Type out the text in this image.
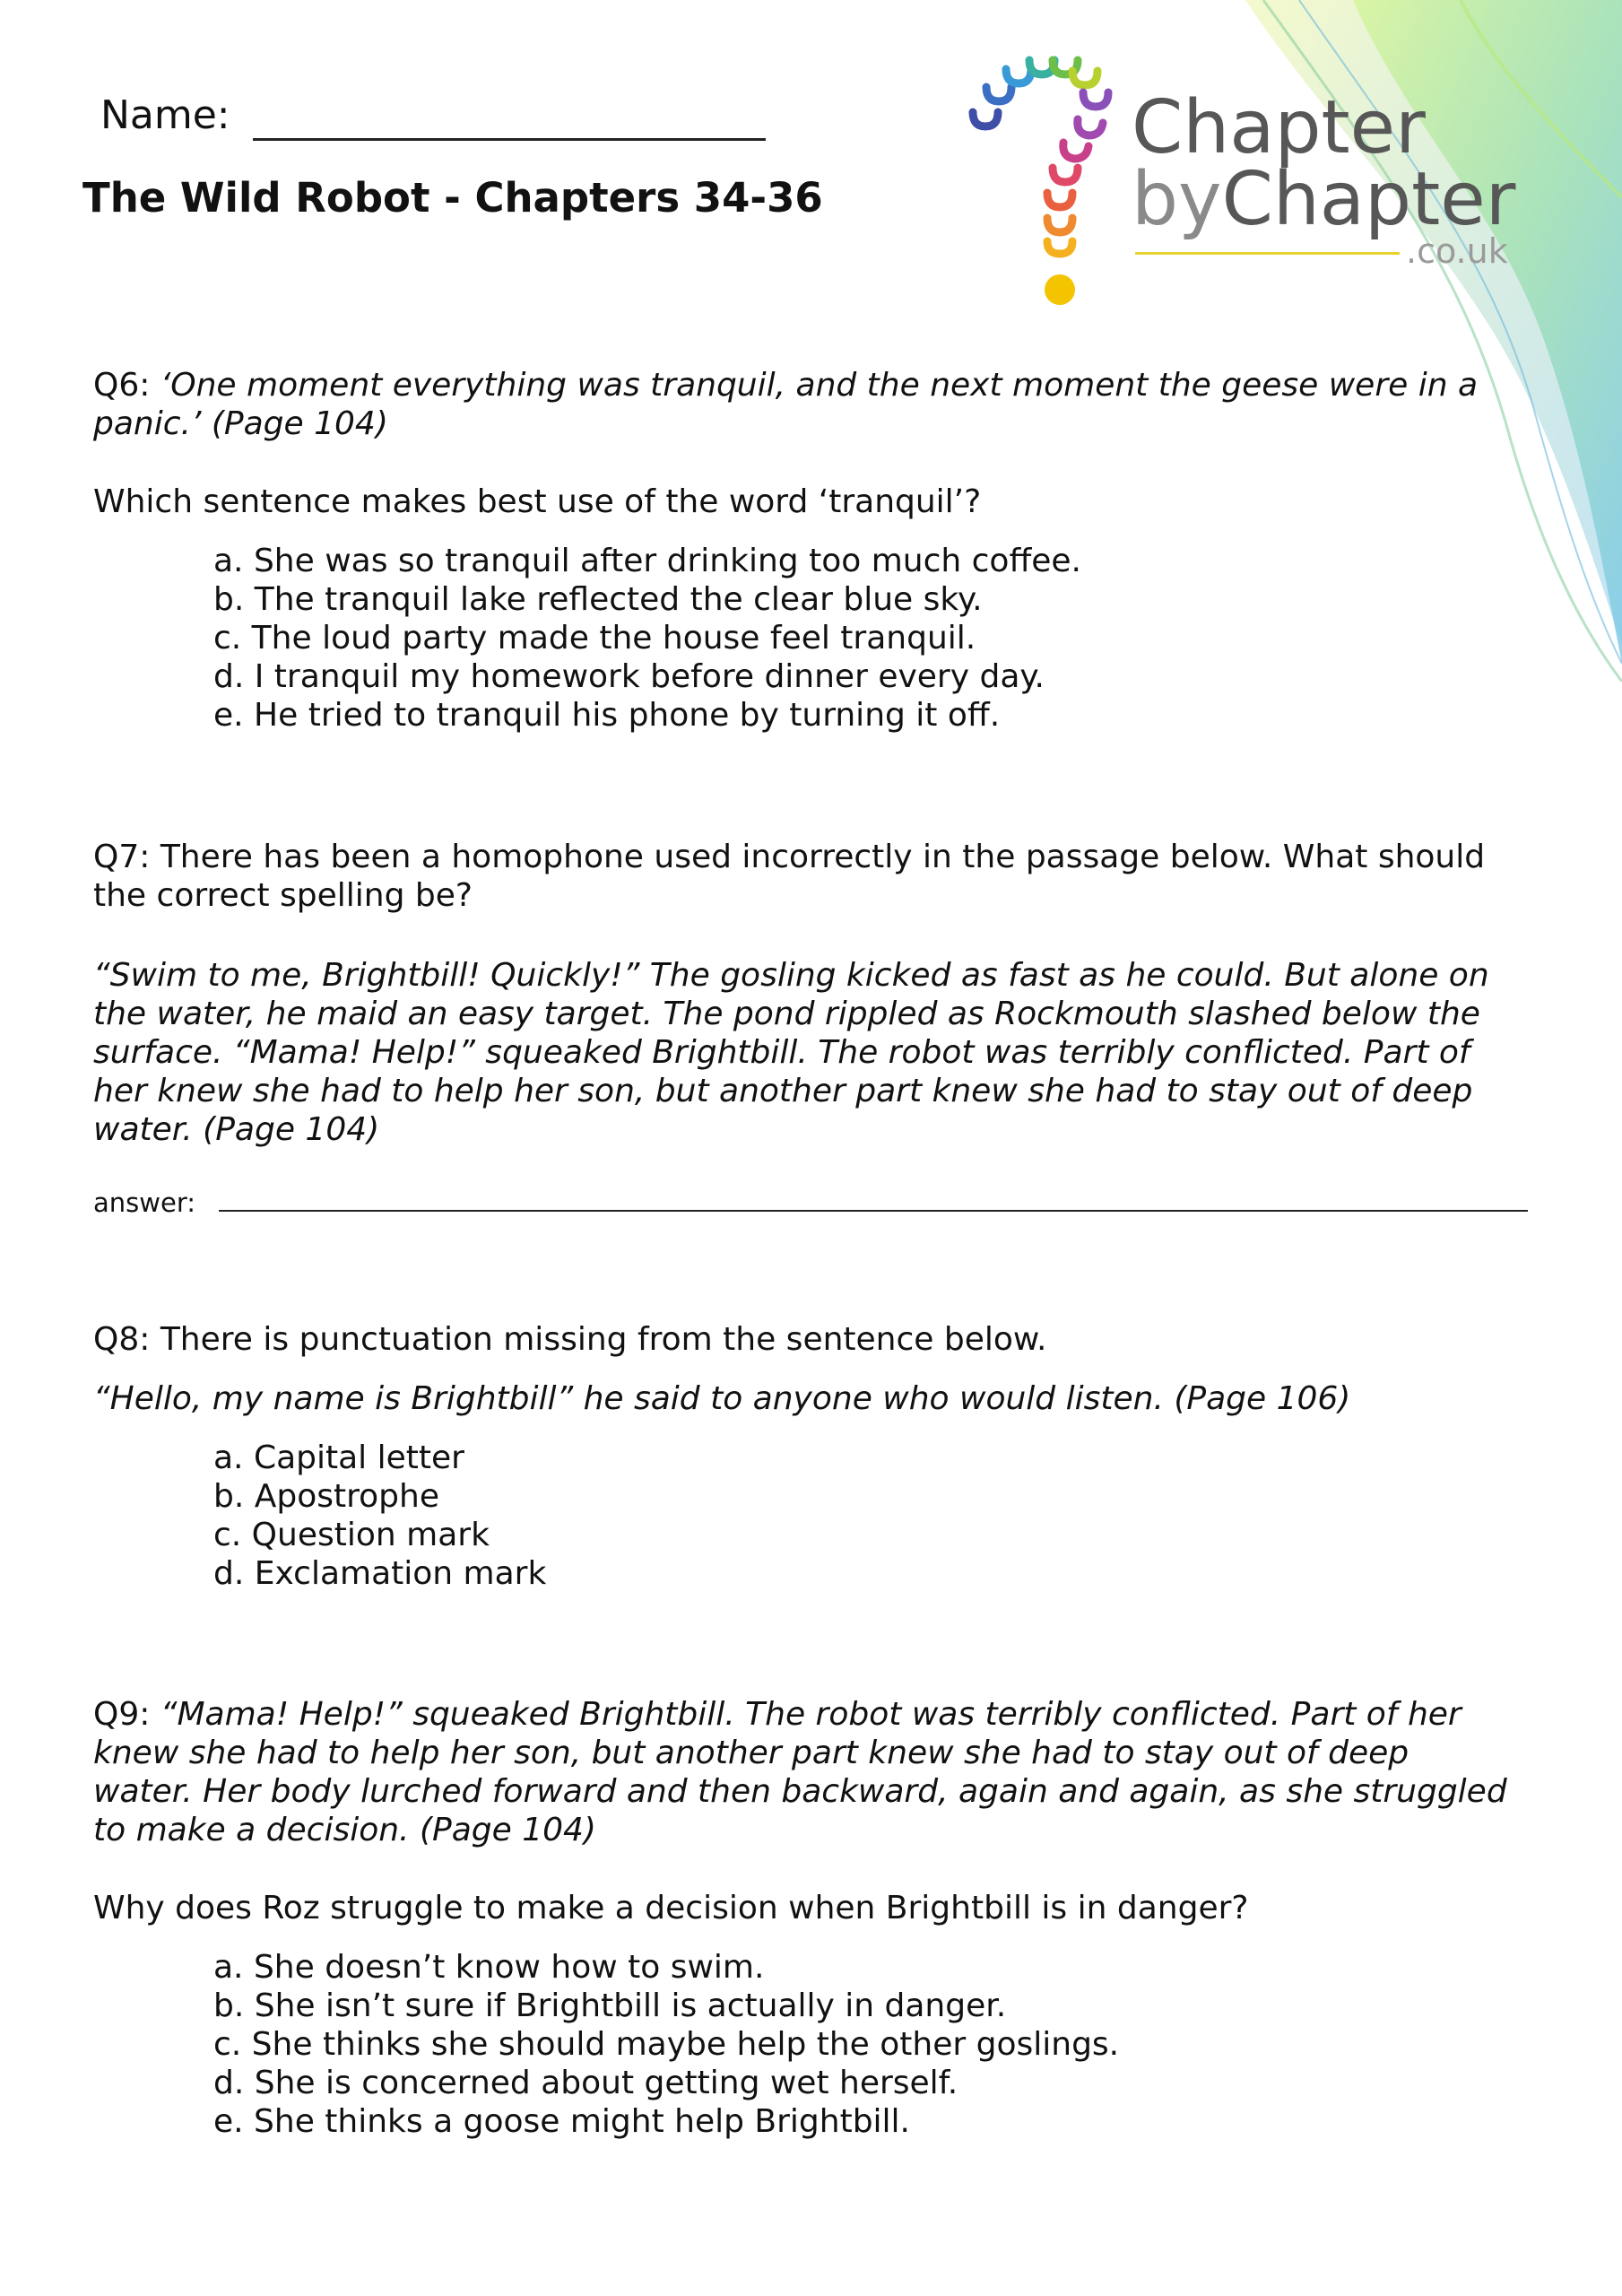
Name:
The Wild Robot - Chapters 34-36
Chapter
byChapter
.co.uk
Q6: ‘One moment everything was tranquil, and the next moment the geese were in a
panic.’ (Page 104)
Which sentence makes best use of the word ‘tranquil’?
a. She was so tranquil after drinking too much coffee.
b. The tranquil lake reflected the clear blue sky.
c. The loud party made the house feel tranquil.
d. I tranquil my homework before dinner every day.
e. He tried to tranquil his phone by turning it off.
Q7: There has been a homophone used incorrectly in the passage below. What should
the correct spelling be?
“Swim to me, Brightbill! Quickly!” The gosling kicked as fast as he could. But alone on
the water, he maid an easy target. The pond rippled as Rockmouth slashed below the
surface. “Mama! Help!” squeaked Brightbill. The robot was terribly conflicted. Part of
her knew she had to help her son, but another part knew she had to stay out of deep
water. (Page 104)
answer:
Q8: There is punctuation missing from the sentence below.
“Hello, my name is Brightbill” he said to anyone who would listen. (Page 106)
a. Capital letter
b. Apostrophe
c. Question mark
d. Exclamation mark
Q9: “Mama! Help!” squeaked Brightbill. The robot was terribly conflicted. Part of her
knew she had to help her son, but another part knew she had to stay out of deep
water. Her body lurched forward and then backward, again and again, as she struggled
to make a decision. (Page 104)
Why does Roz struggle to make a decision when Brightbill is in danger?
a. She doesn’t know how to swim.
b. She isn’t sure if Brightbill is actually in danger.
c. She thinks she should maybe help the other goslings.
d. She is concerned about getting wet herself.
e. She thinks a goose might help Brightbill.
